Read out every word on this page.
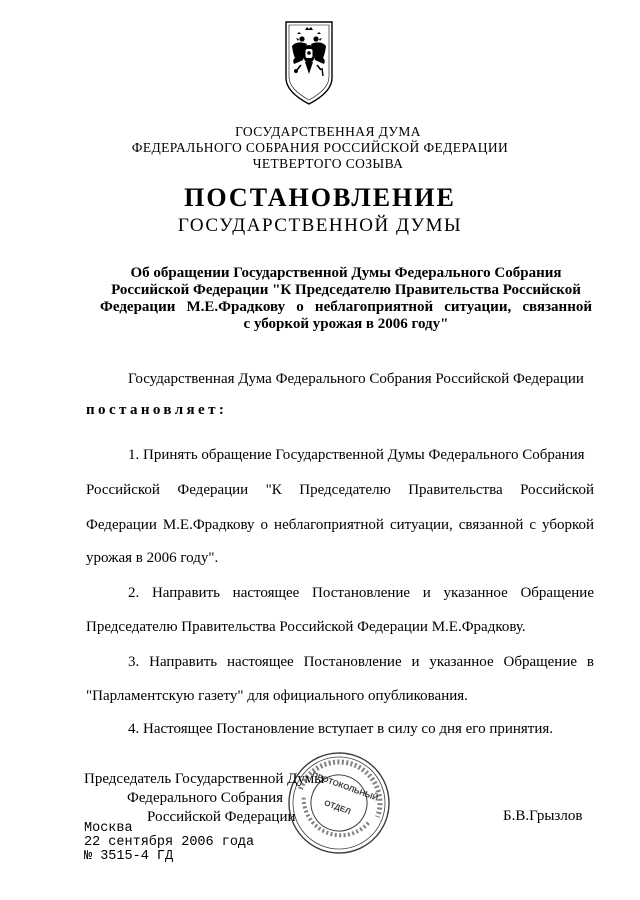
ГОСУДАРСТВЕННАЯ ДУМА
ФЕДЕРАЛЬНОГО СОБРАНИЯ РОССИЙСКОЙ ФЕДЕРАЦИИ
ЧЕТВЕРТОГО СОЗЫВА
ПОСТАНОВЛЕНИЕ
ГОСУДАРСТВЕННОЙ ДУМЫ
Об обращении Государственной Думы Федерального Собрания
Российской Федерации "К Председателю Правительства Российской
Федерации М.Е.Фрадкову о неблагоприятной ситуации, связанной
с уборкой урожая в 2006 году"
Государственная Дума Федерального Собрания Российской Федерации
постановляет:
1. Принять обращение Государственной Думы Федерального Собрания
Российской Федерации "К Председателю Правительства Российской
Федерации М.Е.Фрадкову о неблагоприятной ситуации, связанной с уборкой
урожая в 2006 году".
2. Направить настоящее Постановление и указанное Обращение
Председателю Правительства Российской Федерации М.Е.Фрадкову.
3. Направить настоящее Постановление и указанное Обращение в
"Парламентскую газету" для официального опубликования.
4. Настоящее Постановление вступает в силу со дня его принятия.
Председатель Государственной Думы
Федерального Собрания
Российской Федерации	Б.В.Грызлов
ПРОТОКОЛЬНЫЙ
ОТДЕЛ
Москва
22 сентября 2006 года
№ 3515-4 ГД
